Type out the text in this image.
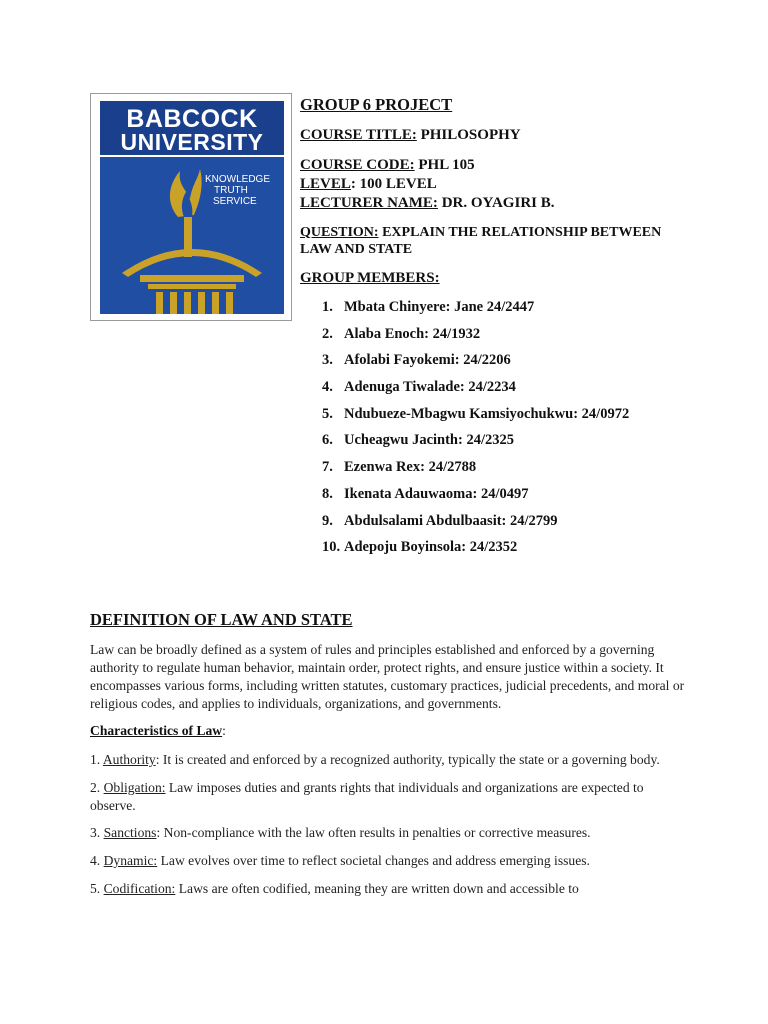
BABCOCK
UNIVERSITY
KNOWLEDGE
TRUTH
SERVICE
GROUP 6 PROJECT
COURSE TITLE: PHILOSOPHY
COURSE CODE: PHL 105
LEVEL: 100 LEVEL
LECTURER NAME: DR. OYAGIRI B.
QUESTION: EXPLAIN THE RELATIONSHIP BETWEEN
LAW AND STATE
GROUP MEMBERS:
1. Mbata Chinyere: Jane 24/2447
2. Alaba Enoch: 24/1932
3. Afolabi Fayokemi: 24/2206
4. Adenuga Tiwalade: 24/2234
5. Ndubueze-Mbagwu Kamsiyochukwu: 24/0972
6. Ucheagwu Jacinth: 24/2325
7. Ezenwa Rex: 24/2788
8. Ikenata Adauwaoma: 24/0497
9. Abdulsalami Abdulbaasit: 24/2799
10. Adepoju Boyinsola: 24/2352
DEFINITION OF LAW AND STATE
Law can be broadly defined as a system of rules and principles established and enforced by a governing authority to regulate human behavior, maintain order, protect rights, and ensure justice within a society. It encompasses various forms, including written statutes, customary practices, judicial precedents, and moral or religious codes, and applies to individuals, organizations, and governments.
Characteristics of Law:
1. Authority: It is created and enforced by a recognized authority, typically the state or a governing body.
2. Obligation: Law imposes duties and grants rights that individuals and organizations are expected to observe.
3. Sanctions: Non-compliance with the law often results in penalties or corrective measures.
4. Dynamic: Law evolves over time to reflect societal changes and address emerging issues.
5. Codification: Laws are often codified, meaning they are written down and accessible to
